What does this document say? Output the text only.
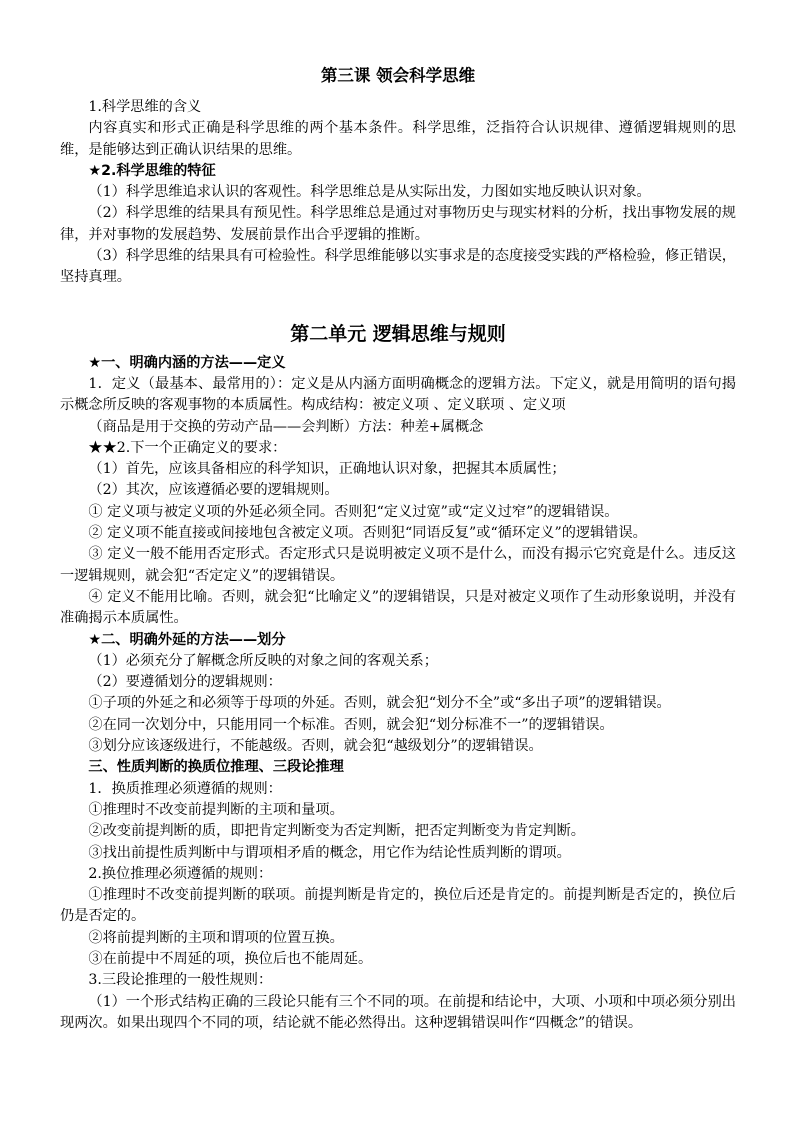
第三课 领会科学思维

1.科学思维的含义

内容真实和形式正确是科学思维的两个基本条件。科学思维，泛指符合认识规律、遵循逻辑规则的思维，是能够达到正确认识结果的思维。

★2.科学思维的特征

（1）科学思维追求认识的客观性。科学思维总是从实际出发，力图如实地反映认识对象。

（2）科学思维的结果具有预见性。科学思维总是通过对事物历史与现实材料的分析，找出事物发展的规律，并对事物的发展趋势、发展前景作出合乎逻辑的推断。

（3）科学思维的结果具有可检验性。科学思维能够以实事求是的态度接受实践的严格检验，修正错误，坚持真理。

第二单元 逻辑思维与规则

★一、明确内涵的方法——定义

1．定义（最基本、最常用的）：定义是从内涵方面明确概念的逻辑方法。下定义，就是用简明的语句揭示概念所反映的客观事物的本质属性。构成结构：被定义项 、定义联项 、定义项

（商品是用于交换的劳动产品——会判断）方法：种差+属概念

★★2.下一个正确定义的要求：

（1）首先，应该具备相应的科学知识，正确地认识对象，把握其本质属性；

（2）其次，应该遵循必要的逻辑规则。

① 定义项与被定义项的外延必须全同。否则犯“定义过宽”或“定义过窄”的逻辑错误。

② 定义项不能直接或间接地包含被定义项。否则犯“同语反复”或“循环定义”的逻辑错误。

③ 定义一般不能用否定形式。否定形式只是说明被定义项不是什么，而没有揭示它究竟是什么。违反这一逻辑规则，就会犯“否定定义”的逻辑错误。

④ 定义不能用比喻。否则，就会犯“比喻定义”的逻辑错误，只是对被定义项作了生动形象说明，并没有准确揭示本质属性。

★二、明确外延的方法——划分

（1）必须充分了解概念所反映的对象之间的客观关系；

（2）要遵循划分的逻辑规则：

①子项的外延之和必须等于母项的外延。否则，就会犯“划分不全”或“多出子项”的逻辑错误。

②在同一次划分中，只能用同一个标准。否则，就会犯“划分标准不一”的逻辑错误。

③划分应该逐级进行，不能越级。否则，就会犯“越级划分”的逻辑错误。

三、性质判断的换质位推理、三段论推理

1．换质推理必须遵循的规则：

①推理时不改变前提判断的主项和量项。

②改变前提判断的质，即把肯定判断变为否定判断，把否定判断变为肯定判断。

③找出前提性质判断中与谓项相矛盾的概念，用它作为结论性质判断的谓项。

2.换位推理必须遵循的规则：

①推理时不改变前提判断的联项。前提判断是肯定的，换位后还是肯定的。前提判断是否定的，换位后仍是否定的。

②将前提判断的主项和谓项的位置互换。

③在前提中不周延的项，换位后也不能周延。

3.三段论推理的一般性规则：

（1）一个形式结构正确的三段论只能有三个不同的项。在前提和结论中，大项、小项和中项必须分别出现两次。如果出现四个不同的项，结论就不能必然得出。这种逻辑错误叫作“四概念”的错误。
